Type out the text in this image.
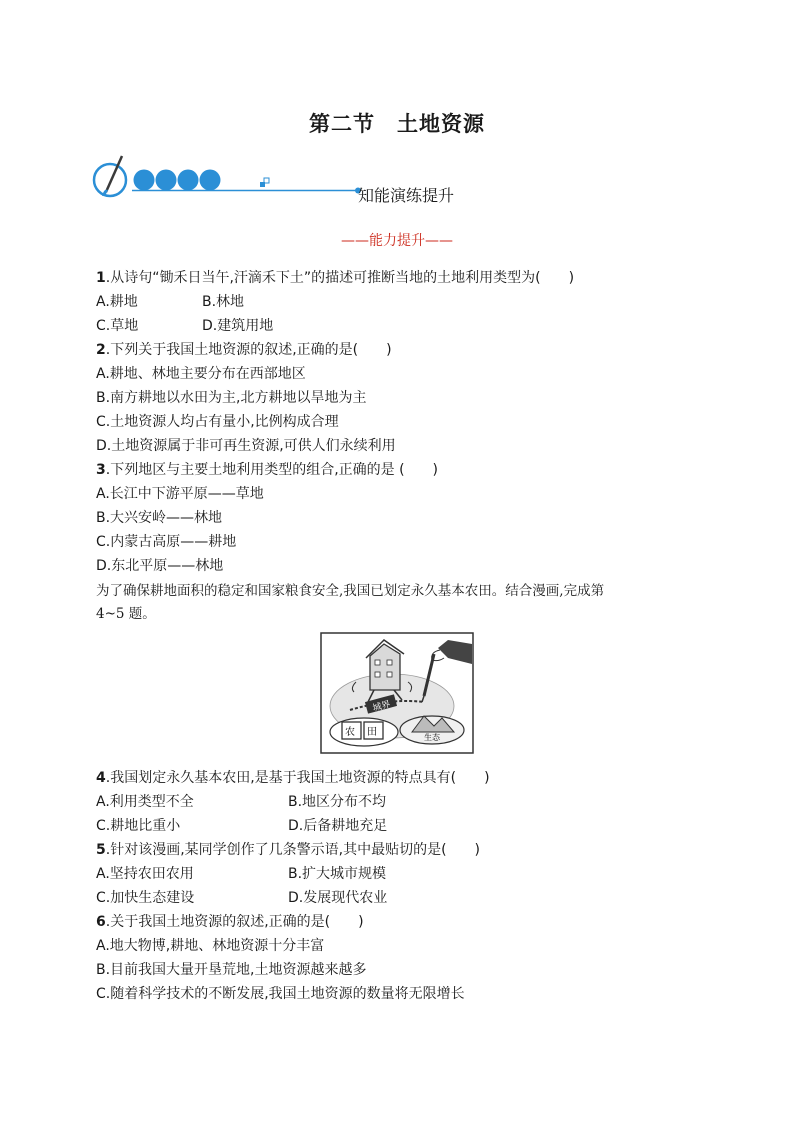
第二节　土地资源
知能演练提升
——能力提升——
1.从诗句“锄禾日当午,汗滴禾下土”的描述可推断当地的土地利用类型为(　　)
A.耕地	B.林地
C.草地	D.建筑用地
2.下列关于我国土地资源的叙述,正确的是(　　)
A.耕地、林地主要分布在西部地区
B.南方耕地以水田为主,北方耕地以旱地为主
C.土地资源人均占有量小,比例构成合理
D.土地资源属于非可再生资源,可供人们永续利用
3.下列地区与主要土地利用类型的组合,正确的是 (　　)
A.长江中下游平原——草地
B.大兴安岭——林地
C.内蒙古高原——耕地
D.东北平原——林地
为了确保耕地面积的稳定和国家粮食安全,我国已划定永久基本农田。结合漫画,完成第
4~5 题。
城界
农 田	生态
4.我国划定永久基本农田,是基于我国土地资源的特点具有(　　)
A.利用类型不全	B.地区分布不均
C.耕地比重小	D.后备耕地充足
5.针对该漫画,某同学创作了几条警示语,其中最贴切的是(　　)
A.坚持农田农用	B.扩大城市规模
C.加快生态建设	D.发展现代农业
6.关于我国土地资源的叙述,正确的是(　　)
A.地大物博,耕地、林地资源十分丰富
B.目前我国大量开垦荒地,土地资源越来越多
C.随着科学技术的不断发展,我国土地资源的数量将无限增长
